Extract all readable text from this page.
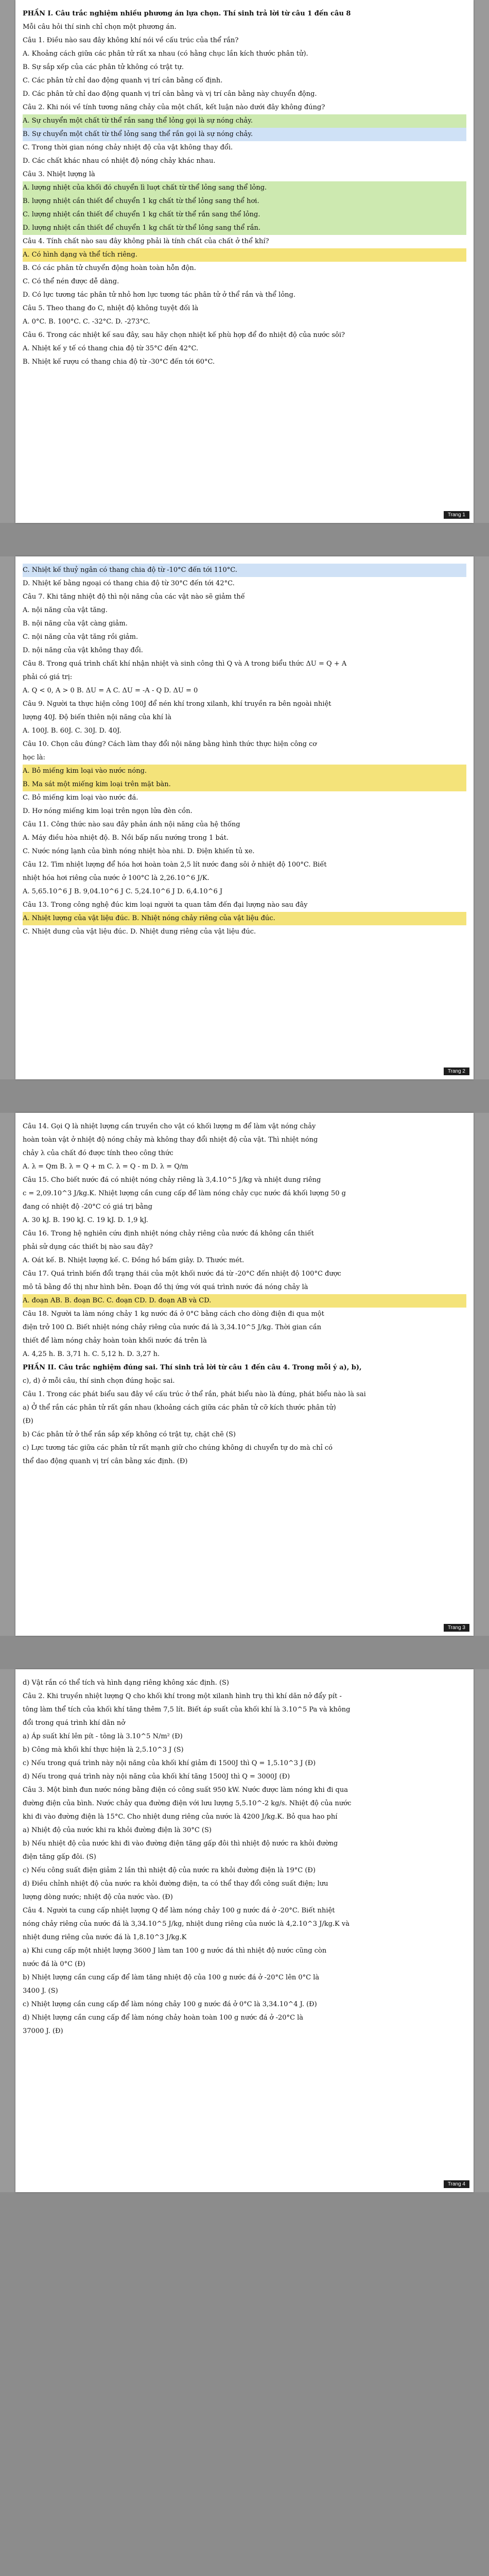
PHẦN I. Câu trắc nghiệm nhiều phương án lựa chọn. Thí sinh trả lời từ câu 1 đến câu 8
Mỗi câu hỏi thí sinh chỉ chọn một phương án.
Câu 1. Điều nào sau đây không khí nói về cấu trúc của thể rắn?
A. Khoảng cách giữa các phân tử rất xa nhau (có hằng chục lần kích thước phân tử).
B. Sự sắp xếp của các phân tử không có trật tự.
C. Các phân tử chỉ dao động quanh vị trí cân bằng cố định.
D. Các phân tử chỉ dao động quanh vị trí cân bằng và vị trí cân bằng này chuyển động.
Câu 2. Khi nói về tính tương năng chảy của một chất, kết luận nào dưới đây không đúng?
A. Sự chuyển một chất từ thể rắn sang thể lỏng gọi là sự nóng chảy.
B. Sự chuyển một chất từ thể lỏng sang thể rắn gọi là sự nóng chảy.
C. Trong thời gian nóng chảy nhiệt độ của vật không thay đổi.
D. Các chất khác nhau có nhiệt độ nóng chảy khác nhau.
Câu 3. Nhiệt lượng là
A. lượng nhiệt của khối đó chuyển lì luợt chất từ thể lỏng sang thể lỏng.
B. lượng nhiệt cần thiết để chuyển 1 kg chất từ thể lỏng sang thể hơi.
C. lượng nhiệt cần thiết để chuyển 1 kg chất từ thể rắn sang thể lỏng.
D. lượng nhiệt cần thiết để chuyển 1 kg chất từ thể lỏng sang thể rắn.
Câu 4. Tính chất nào sau đây không phải là tính chất của chất ở thể khí?
A. Có hình dạng và thể tích riêng.
B. Có các phân tử chuyển động hoàn toàn hỗn độn.
C. Có thể nén được dễ dàng.
D. Có lực tương tác phân tử nhỏ hơn lực tương tác phân tử ở thể rắn và thể lỏng.
Câu 5. Theo thang đo C, nhiệt độ không tuyệt đối là
A. 0°C. B. 100°C. C. -32°C. D. -273°C.
Câu 6. Trong các nhiệt kế sau đây, sau hãy chọn nhiệt kế phù hợp để đo nhiệt độ của nước sôi?
A. Nhiệt kế y tế có thang chia độ từ 35°C đến 42°C.
B. Nhiệt kế rượu có thang chia độ từ -30°C đến tới 60°C.
Trang 1
C. Nhiệt kế thuỷ ngân có thang chia độ từ -10°C đến tới 110°C.
D. Nhiệt kế bằng ngoại có thang chia độ từ 30°C đến tới 42°C.
Câu 7. Khi tăng nhiệt độ thì nội năng của các vật nào sẽ giảm thế
A. nội năng của vật tăng.
B. nội năng của vật càng giảm.
C. nội năng của vật tăng rồi giảm.
D. nội năng của vật không thay đổi.
Câu 8. Trong quá trình chất khí nhận nhiệt và sinh công thì Q và A trong biểu thức ΔU = Q + A
phải có giá trị:
A. Q < 0, A > 0 B. ΔU = A C. ΔU = -A - Q D. ΔU = 0
Câu 9. Người ta thực hiện công 100J để nén khí trong xilanh, khí truyền ra bên ngoài nhiệt
lượng 40J. Độ biến thiên nội năng của khí là
A. 100J. B. 60J. C. 30J. D. 40J.
Câu 10. Chọn câu đúng? Cách làm thay đổi nội năng bằng hình thức thực hiện công cơ
học là:
A. Bỏ miếng kim loại vào nước nóng.
B. Ma sát một miếng kim loại trên mặt bàn.
C. Bỏ miếng kim loại vào nước đá.
D. Hơ nóng miếng kim loại trên ngọn lửa đèn cồn.
Câu 11. Công thức nào sau đây phản ánh nội năng của hệ thống
A. Máy điều hòa nhiệt độ. B. Nồi bấp nấu nướng trong 1 bát.
C. Nước nóng lạnh của bình nóng nhiệt hòa nhi. D. Điện khiến tủ xe.
Câu 12. Tìm nhiệt lượng để hóa hơi hoàn toàn 2,5 lít nước đang sôi ở nhiệt độ 100°C. Biết
nhiệt hóa hơi riêng của nước ở 100°C là 2,26.10^6 J/K.
A. 5,65.10^6 J B. 9,04.10^6 J C. 5,24.10^6 J D. 6,4.10^6 J
Câu 13. Trong công nghệ đúc kim loại người ta quan tâm đến đại lượng nào sau đây
A. Nhiệt lượng của vật liệu đúc. B. Nhiệt nóng chảy riêng của vật liệu đúc.
C. Nhiệt dung của vật liệu đúc. D. Nhiệt dung riêng của vật liệu đúc.
Trang 2
Câu 14. Gọi Q là nhiệt lượng cần truyền cho vật có khối lượng m để làm vật nóng chảy
hoàn toàn vật ở nhiệt độ nóng chảy mà không thay đổi nhiệt độ của vật. Thì nhiệt nóng
chảy λ của chất đó được tính theo công thức
A. λ = Qm B. λ = Q + m C. λ = Q - m D. λ = Q/m
Câu 15. Cho biết nước đá có nhiệt nóng chảy riêng là 3,4.10^5 J/kg và nhiệt dung riêng
c = 2,09.10^3 J/kg.K. Nhiệt lượng cần cung cấp để làm nóng chảy cục nước đá khối lượng 50 g
đang có nhiệt độ -20°C có giá trị bằng
A. 30 kJ. B. 190 kJ. C. 19 kJ. D. 1,9 kJ.
Câu 16. Trong hệ nghiên cứu định nhiệt nóng chảy riêng của nước đá không cần thiết
phải sử dụng các thiết bị nào sau đây?
A. Oát kế. B. Nhiệt lượng kế. C. Đồng hồ bấm giây. D. Thước mét.
Câu 17. Quá trình biến đổi trạng thái của một khối nước đá từ -20°C đến nhiệt độ 100°C được
mô tả bằng đồ thị như hình bên. Đoạn đồ thị ứng với quá trình nước đá nóng chảy là
A. đoạn AB. B. đoạn BC. C. đoạn CD. D. đoạn AB và CD.
Câu 18. Người ta làm nóng chảy 1 kg nước đá ở 0°C bằng cách cho dòng điện đi qua một
điện trở 100 Ω. Biết nhiệt nóng chảy riêng của nước đá là 3,34.10^5 J/kg. Thời gian cần
thiết để làm nóng chảy hoàn toàn khối nước đá trên là
A. 4,25 h. B. 3,71 h. C. 5,12 h. D. 3,27 h.
PHẦN II. Câu trắc nghiệm đúng sai. Thí sinh trả lời từ câu 1 đến câu 4. Trong mỗi ý a), b),
c), d) ở mỗi câu, thí sinh chọn đúng hoặc sai.
Câu 1. Trong các phát biểu sau đây về cấu trúc ở thể rắn, phát biểu nào là đúng, phát biểu nào là sai
a) Ở thể rắn các phân tử rất gần nhau (khoảng cách giữa các phân tử cỡ kích thước phân tử)
(Đ)
b) Các phân tử ở thể rắn sắp xếp không có trật tự, chặt chẽ (S)
c) Lực tương tác giữa các phân tử rất mạnh giữ cho chúng không di chuyển tự do mà chỉ có
thể dao động quanh vị trí cân bằng xác định. (Đ)
Trang 3
d) Vật rắn có thể tích và hình dạng riêng không xác định. (S)
Câu 2. Khi truyền nhiệt lượng Q cho khối khí trong một xilanh hình trụ thì khí dãn nở đẩy pít -
tông làm thể tích của khối khí tăng thêm 7,5 lít. Biết áp suất của khối khí là 3.10^5 Pa và không
đổi trong quá trình khí dãn nở
a) Áp suất khí lên pít - tông là 3.10^5 N/m² (Đ)
b) Công mà khối khí thực hiện là 2,5.10^3 J (S)
c) Nếu trong quá trình này nội năng của khối khí giảm đi 1500J thì Q = 1,5.10^3 J (Đ)
d) Nếu trong quá trình này nội năng của khối khí tăng 1500J thì Q = 3000J (Đ)
Câu 3. Một bình đun nước nóng bằng điện có công suất 950 kW. Nước được làm nóng khi đi qua
đường điện của bình. Nước chảy qua đường điện với lưu lượng 5,5.10^-2 kg/s. Nhiệt độ của nước
khi đi vào đường điện là 15°C. Cho nhiệt dung riêng của nước là 4200 J/kg.K. Bỏ qua hao phí
a) Nhiệt độ của nước khi ra khỏi đường điện là 30°C (S)
b) Nếu nhiệt độ của nước khi đi vào đường điện tăng gấp đôi thì nhiệt độ nước ra khỏi đường
điện tăng gấp đôi. (S)
c) Nếu công suất điện giảm 2 lần thì nhiệt độ của nước ra khỏi đường điện là 19°C (Đ)
d) Điều chỉnh nhiệt độ của nước ra khỏi đường điện, ta có thể thay đổi công suất điện; lưu
lượng dòng nước; nhiệt độ của nước vào. (Đ)
Câu 4. Người ta cung cấp nhiệt lượng Q để làm nóng chảy 100 g nước đá ở -20°C. Biết nhiệt
nóng chảy riêng của nước đá là 3,34.10^5 J/kg, nhiệt dung riêng của nước là 4,2.10^3 J/kg.K và
nhiệt dung riêng của nước đá là 1,8.10^3 J/kg.K
a) Khi cung cấp một nhiệt lượng 3600 J làm tan 100 g nước đá thì nhiệt độ nước cũng còn
nước đá là 0°C (Đ)
b) Nhiệt lượng cần cung cấp để làm tăng nhiệt độ của 100 g nước đá ở -20°C lên 0°C là
3400 J. (S)
c) Nhiệt lượng cần cung cấp để làm nóng chảy 100 g nước đá ở 0°C là 3,34.10^4 J. (Đ)
d) Nhiệt lượng cần cung cấp để làm nóng chảy hoàn toàn 100 g nước đá ở -20°C là
37000 J. (Đ)
Trang 4
